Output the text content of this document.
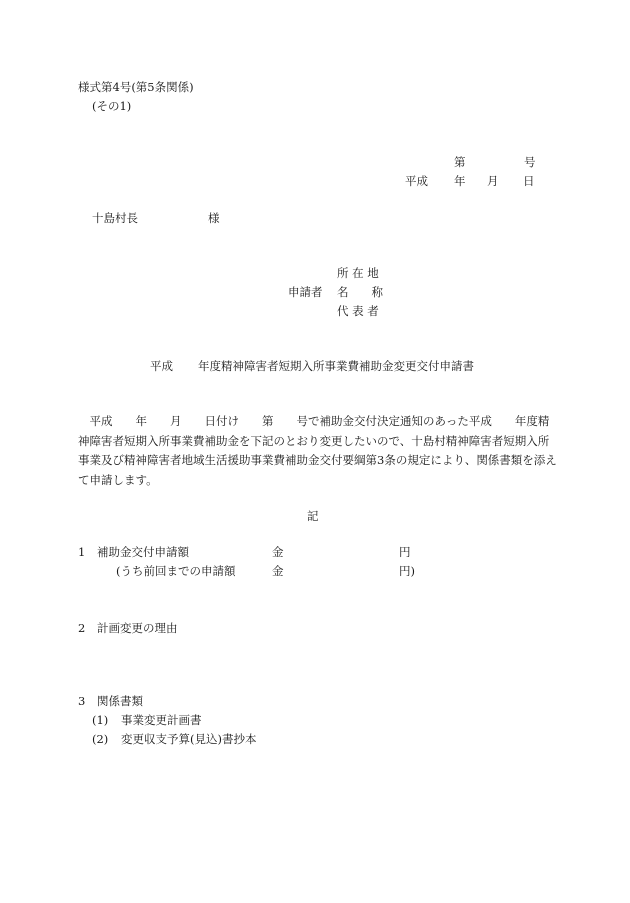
様式第4号(第5条関係)
(その1)
第	号
平成 年 月 日
十島村長	様
所 在 地
申請者 名　　称
代 表 者
平成 年度精神障害者短期入所事業費補助金変更交付申請書
平成　　年　　月　　日付け　　第　　号で補助金交付決定通知のあった平成　　年度精神障害者短期入所事業費補助金を下記のとおり変更したいので、十島村精神障害者短期入所事業及び精神障害者地域生活援助事業費補助金交付要綱第3条の規定により、関係書類を添えて申請します。
記
1 補助金交付申請額	金	円
(うち前回までの申請額	金	円)
2 計画変更の理由
3 関係書類
(1) 事業変更計画書
(2) 変更収支予算(見込)書抄本
